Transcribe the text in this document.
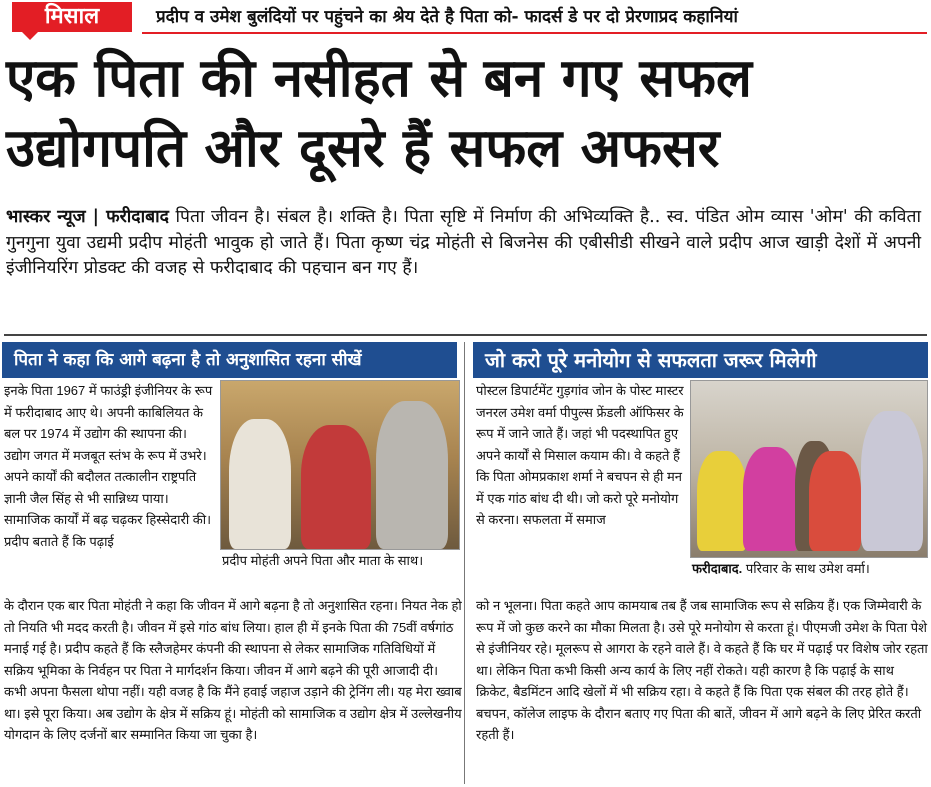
मिसाल	प्रदीप व उमेश बुलंदियों पर पहुंचने का श्रेय देते है पिता को- फादर्स डे पर दो प्रेरणाप्रद कहानियां
एक पिता की नसीहत से बन गए सफल
उद्योगपति और दूसरे हैं सफल अफसर

भास्कर न्यूज | फरीदाबाद पिता जीवन है। संबल है। शक्ति है। पिता सृष्टि में निर्माण की अभिव्यक्ति है.. स्व. पंडित ओम व्यास 'ओम' की कविता गुनगुना युवा उद्यमी प्रदीप मोहंती भावुक हो जाते हैं। पिता कृष्ण चंद्र मोहंती से बिजनेस की एबीसीडी सीखने वाले प्रदीप आज खाड़ी देशों में अपनी इंजीनियरिंग प्रोडक्ट की वजह से फरीदाबाद की पहचान बन गए हैं।

पिता ने कहा कि आगे बढ़ना है तो अनुशासित रहना सीखें

इनके पिता 1967 में फाउंड्री इंजीनियर के रूप में फरीदाबाद आए थे। अपनी काबिलियत के बल पर 1974 में उद्योग की स्थापना की। उद्योग जगत में मजबूत स्तंभ के रूप में उभरे। अपने कार्यों की बदौलत तत्कालीन राष्ट्रपति ज्ञानी जैल सिंह से भी सान्निध्य पाया। सामाजिक कार्यों में बढ़ चढ़कर हिस्सेदारी की। प्रदीप बताते हैं कि पढ़ाई

प्रदीप मोहंती अपने पिता और माता के साथ।

के दौरान एक बार पिता मोहंती ने कहा कि जीवन में आगे बढ़ना है तो अनुशासित रहना। नियत नेक हो तो नियति भी मदद करती है। जीवन में इसे गांठ बांध लिया। हाल ही में इनके पिता की 75वीं वर्षगांठ मनाई गई है। प्रदीप कहते हैं कि स्लैजहेमर कंपनी की स्थापना से लेकर सामाजिक गतिविधियों में सक्रिय भूमिका के निर्वहन पर पिता ने मार्गदर्शन किया। जीवन में आगे बढ़ने की पूरी आजादी दी। कभी अपना फैसला थोपा नहीं। यही वजह है कि मैंने हवाई जहाज उड़ाने की ट्रेनिंग ली। यह मेरा ख्वाब था। इसे पूरा किया। अब उद्योग के क्षेत्र में सक्रिय हूं। मोहंती को सामाजिक व उद्योग क्षेत्र में उल्लेखनीय योगदान के लिए दर्जनों बार सम्मानित किया जा चुका है।

जो करो पूरे मनोयोग से सफलता जरूर मिलेगी

पोस्टल डिपार्टमेंट गुड़गांव जोन के पोस्ट मास्टर जनरल उमेश वर्मा पीपुल्स फ्रेंडली ऑफिसर के रूप में जाने जाते हैं। जहां भी पदस्थापित हुए अपने कार्यों से मिसाल कयाम की। वे कहते हैं कि पिता ओमप्रकाश शर्मा ने बचपन से ही मन में एक गांठ बांध दी थी। जो करो पूरे मनोयोग से करना। सफलता में समाज

फरीदाबाद. परिवार के साथ उमेश वर्मा।

को न भूलना। पिता कहते आप कामयाब तब हैं जब सामाजिक रूप से सक्रिय हैं। एक जिम्मेवारी के रूप में जो कुछ करने का मौका मिलता है। उसे पूरे मनोयोग से करता हूं। पीएमजी उमेश के पिता पेशे से इंजीनियर रहे। मूलरूप से आगरा के रहने वाले हैं। वे कहते हैं कि घर में पढ़ाई पर विशेष जोर रहता था। लेकिन पिता कभी किसी अन्य कार्य के लिए नहीं रोकते। यही कारण है कि पढ़ाई के साथ क्रिकेट, बैडमिंटन आदि खेलों में भी सक्रिय रहा। वे कहते हैं कि पिता एक संबल की तरह होते हैं। बचपन, कॉलेज लाइफ के दौरान बताए गए पिता की बातें, जीवन में आगे बढ़ने के लिए प्रेरित करती रहती हैं।
